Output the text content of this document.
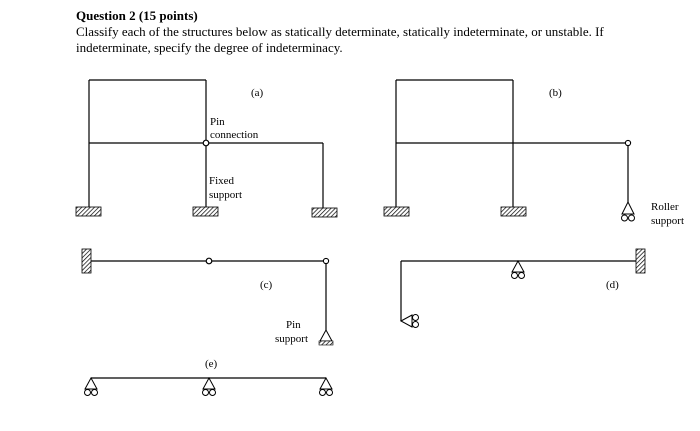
Question 2 (15 points)
Classify each of the structures below as statically determinate, statically indeterminate, or unstable. If indeterminate, specify the degree of indeterminacy.
(a)
Pin
connection
Fixed
support
(b)
Roller
support
(c)
Pin
support
(d)
(e)
